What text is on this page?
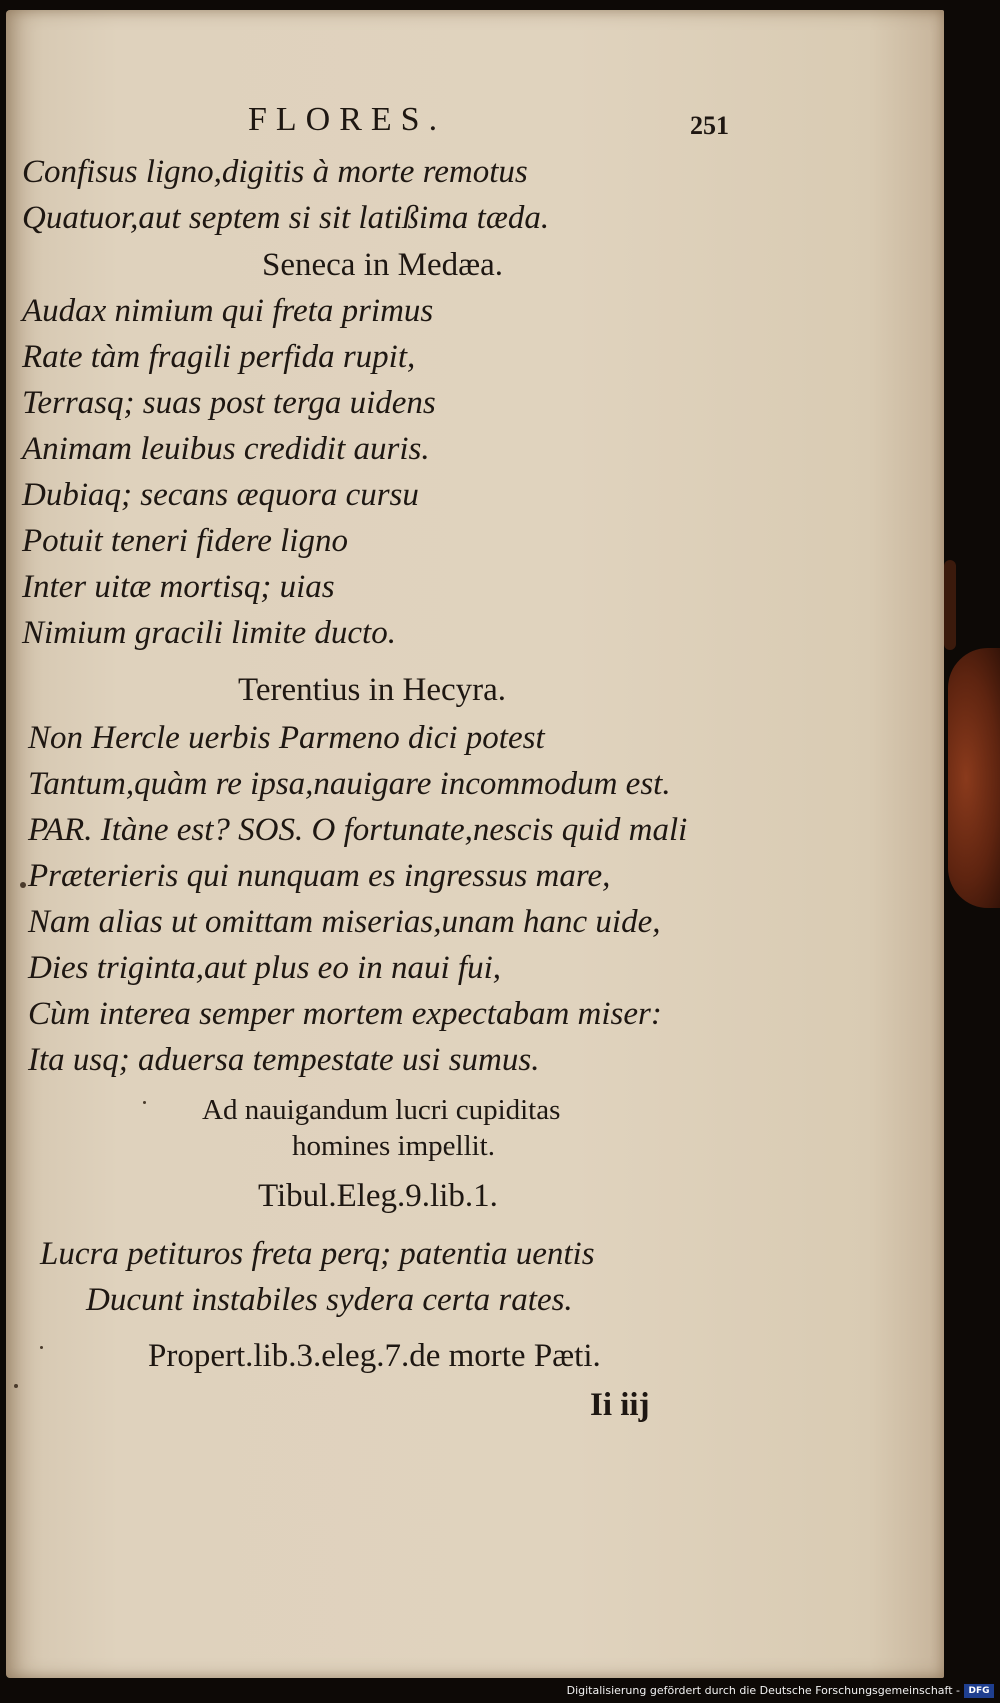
FLORES.	251
Confisus ligno,digitis à morte remotus
Quatuor,aut septem si sit latißima tæda.
Seneca in Medæa.
Audax nimium qui freta primus
Rate tàm fragili perfida rupit,
Terrasq; suas post terga uidens
Animam leuibus credidit auris.
Dubiaq; secans æquora cursu
Potuit teneri fidere ligno
Inter uitæ mortisq; uias
Nimium gracili limite ducto.
Terentius in Hecyra.
Non Hercle uerbis Parmeno dici potest
Tantum,quàm re ipsa,nauigare incommodum est.
PAR. Itàne est? SOS. O fortunate,nescis quid mali
Præterieris qui nunquam es ingressus mare,
Nam alias ut omittam miserias,unam hanc uide,
Dies triginta,aut plus eo in naui fui,
Cùm interea semper mortem expectabam miser:
Ita usq; aduersa tempestate usi sumus.
Ad nauigandum lucri cupiditas
homines impellit.
Tibul.Eleg.9.lib.1.
Lucra petituros freta perq; patentia uentis
Ducunt instabiles sydera certa rates.
Propert.lib.3.eleg.7.de morte Pæti.
Ii iij
Digitalisierung gefördert durch die Deutsche Forschungsgemeinschaft - DFG
